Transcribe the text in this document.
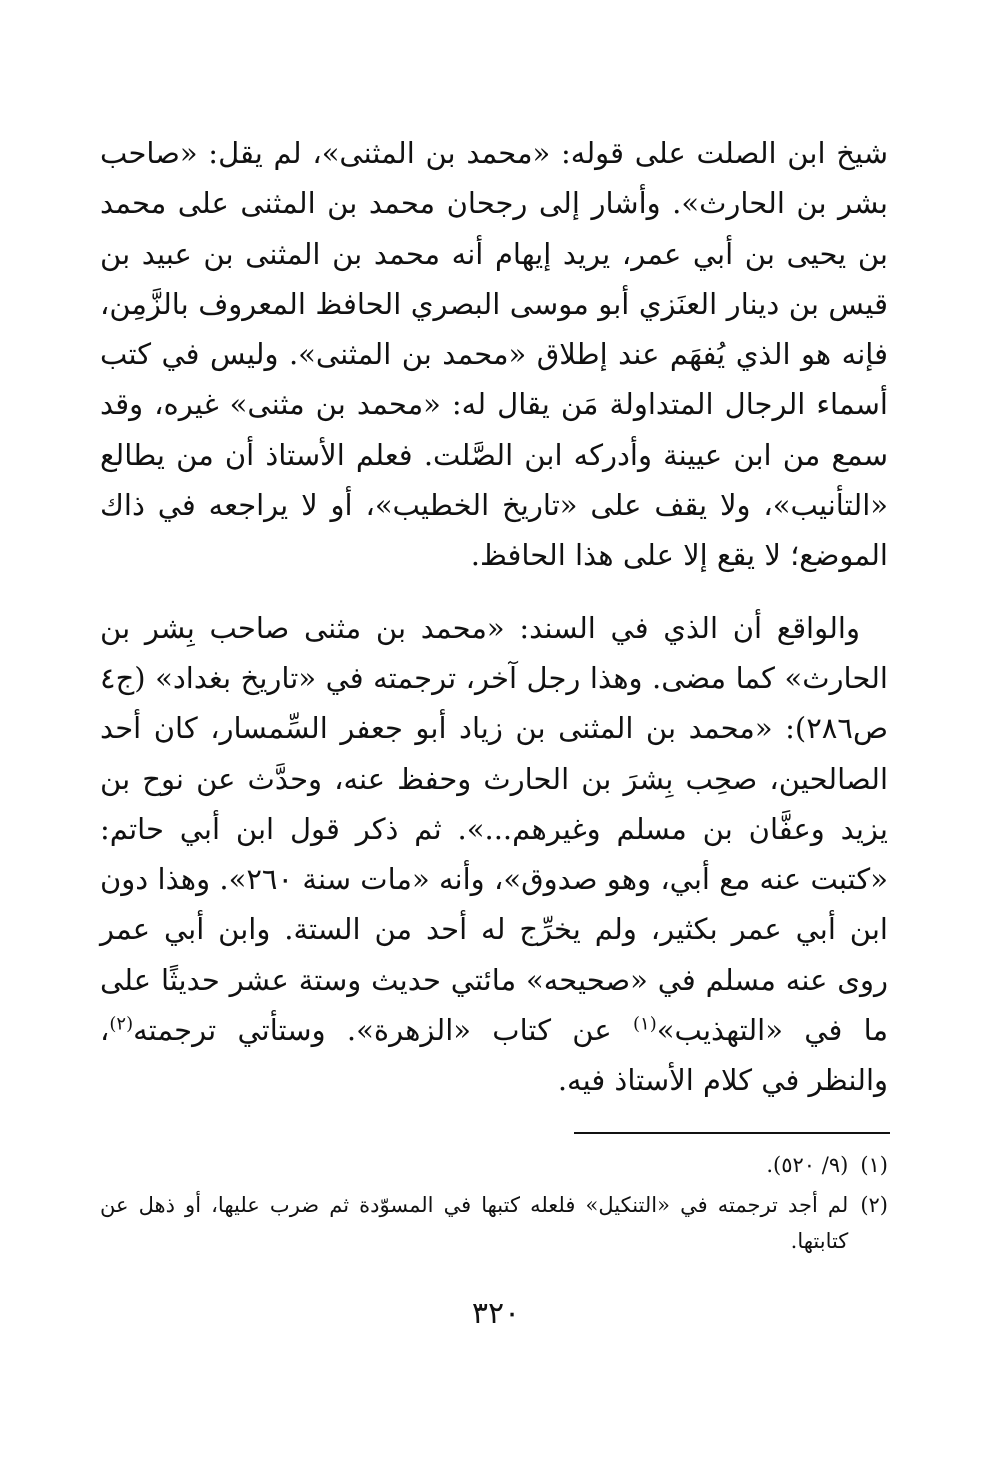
شيخ ابن الصلت على قوله: «محمد بن المثنى»، لم يقل: «صاحب بشر بن الحارث». وأشار إلى رجحان محمد بن المثنى على محمد بن يحيى بن أبي عمر، يريد إيهام أنه محمد بن المثنى بن عبيد بن قيس بن دينار العنَزي أبو موسى البصري الحافظ المعروف بالزَّمِن، فإنه هو الذي يُفهَم عند إطلاق «محمد بن المثنى». وليس في كتب أسماء الرجال المتداولة مَن يقال له: «محمد بن مثنى» غيره، وقد سمع من ابن عيينة وأدركه ابن الصَّلت. فعلم الأستاذ أن من يطالع «التأنيب»، ولا يقف على «تاريخ الخطيب»، أو لا يراجعه في ذاك الموضع؛ لا يقع إلا على هذا الحافظ.

والواقع أن الذي في السند: «محمد بن مثنى صاحب بِشر بن الحارث» كما مضى. وهذا رجل آخر، ترجمته في «تاريخ بغداد» (ج٤ ص٢٨٦): «محمد بن المثنى بن زياد أبو جعفر السِّمسار، كان أحد الصالحين، صحِب بِشرَ بن الحارث وحفظ عنه، وحدَّث عن نوح بن يزيد وعفَّان بن مسلم وغيرهم...». ثم ذكر قول ابن أبي حاتم: «كتبت عنه مع أبي، وهو صدوق»، وأنه «مات سنة ٢٦٠». وهذا دون ابن أبي عمر بكثير، ولم يخرِّج له أحد من الستة. وابن أبي عمر روى عنه مسلم في «صحيحه» مائتي حديث وستة عشر حديثًا على ما في «التهذيب»$^{(١)}$ عن كتاب «الزهرة». وستأتي ترجمته$^{(٢)}$، والنظر في كلام الأستاذ فيه.

(١)
(٩/ ٥٢٠).
(٢)
لم أجد ترجمته في «التنكيل» فلعله كتبها في المسوّدة ثم ضرب عليها، أو ذهل عن كتابتها.
٣٢٠
